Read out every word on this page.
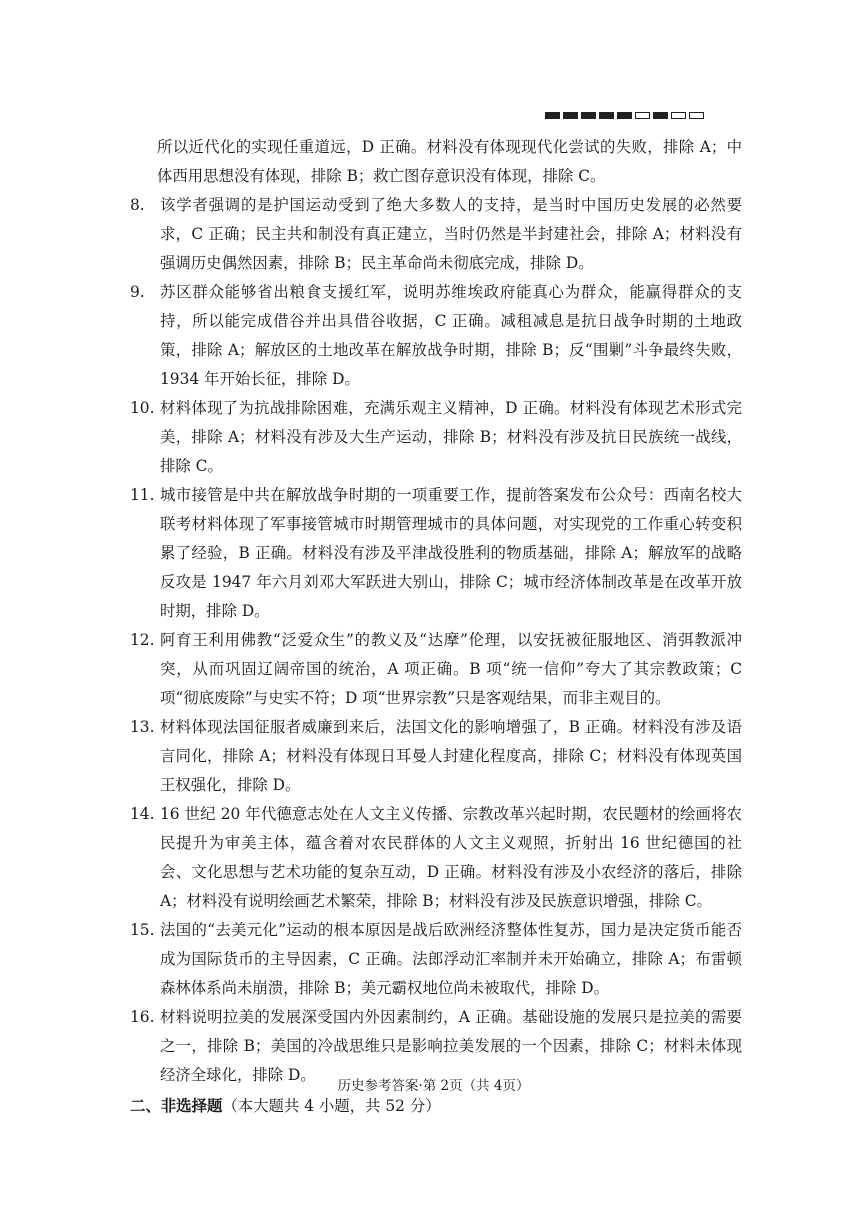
所以近代化的实现任重道远，D 正确。材料没有体现现代化尝试的失败，排除 A；中体西用思想没有体现，排除 B；救亡图存意识没有体现，排除 C。
8. 该学者强调的是护国运动受到了绝大多数人的支持，是当时中国历史发展的必然要求，C 正确；民主共和制没有真正建立，当时仍然是半封建社会，排除 A；材料没有强调历史偶然因素，排除 B；民主革命尚未彻底完成，排除 D。
9. 苏区群众能够省出粮食支援红军，说明苏维埃政府能真心为群众，能赢得群众的支持，所以能完成借谷并出具借谷收据，C 正确。减租减息是抗日战争时期的土地政策，排除 A；解放区的土地改革在解放战争时期，排除 B；反“围剿”斗争最终失败，1934 年开始长征，排除 D。
10. 材料体现了为抗战排除困难，充满乐观主义精神，D 正确。材料没有体现艺术形式完美，排除 A；材料没有涉及大生产运动，排除 B；材料没有涉及抗日民族统一战线，排除 C。
11. 城市接管是中共在解放战争时期的一项重要工作，提前答案发布公众号：西南名校大联考材料体现了军事接管城市时期管理城市的具体问题，对实现党的工作重心转变积累了经验，B 正确。材料没有涉及平津战役胜利的物质基础，排除 A；解放军的战略反攻是 1947 年六月刘邓大军跃进大别山，排除 C；城市经济体制改革是在改革开放时期，排除 D。
12. 阿育王利用佛教“泛爱众生”的教义及“达摩”伦理，以安抚被征服地区、消弭教派冲突，从而巩固辽阔帝国的统治，A 项正确。B 项“统一信仰”夸大了其宗教政策；C 项“彻底废除”与史实不符；D 项“世界宗教”只是客观结果，而非主观目的。
13. 材料体现法国征服者威廉到来后，法国文化的影响增强了，B 正确。材料没有涉及语言同化，排除 A；材料没有体现日耳曼人封建化程度高，排除 C；材料没有体现英国王权强化，排除 D。
14. 16 世纪 20 年代德意志处在人文主义传播、宗教改革兴起时期，农民题材的绘画将农民提升为审美主体，蕴含着对农民群体的人文主义观照，折射出 16 世纪德国的社会、文化思想与艺术功能的复杂互动，D 正确。材料没有涉及小农经济的落后，排除 A；材料没有说明绘画艺术繁荣，排除 B；材料没有涉及民族意识增强，排除 C。
15. 法国的“去美元化”运动的根本原因是战后欧洲经济整体性复苏，国力是决定货币能否成为国际货币的主导因素，C 正确。法郎浮动汇率制并未开始确立，排除 A；布雷顿森林体系尚未崩溃，排除 B；美元霸权地位尚未被取代，排除 D。
16. 材料说明拉美的发展深受国内外因素制约，A 正确。基础设施的发展只是拉美的需要之一，排除 B；美国的冷战思维只是影响拉美发展的一个因素，排除 C；材料未体现经济全球化，排除 D。
二、非选择题（本大题共 4 小题，共 52 分）
历史参考答案·第 2页（共 4页）
